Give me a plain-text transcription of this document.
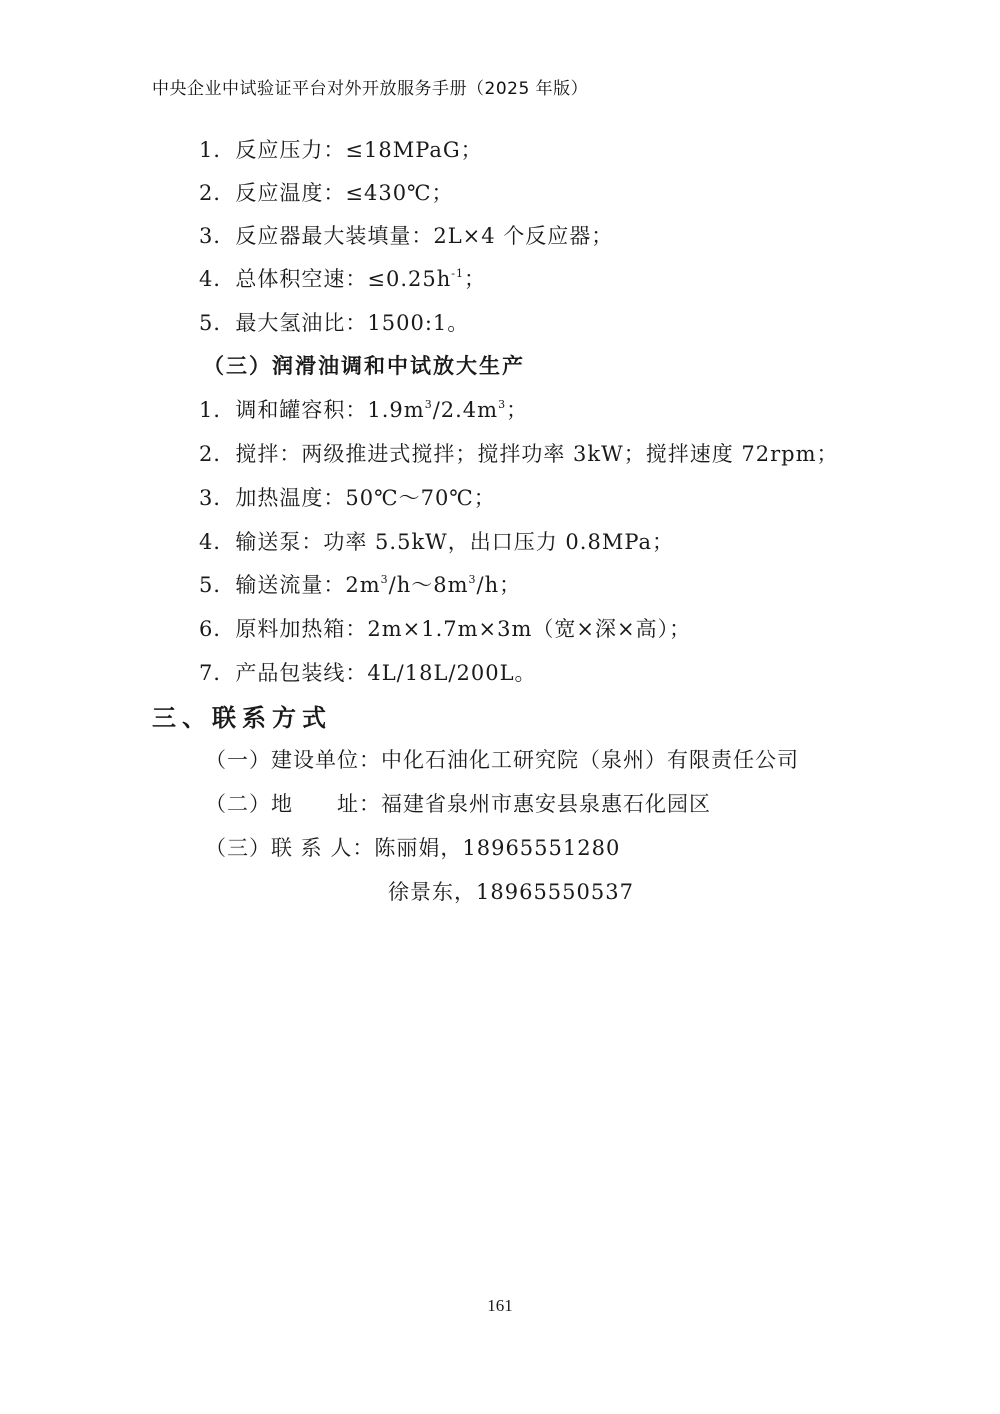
中央企业中试验证平台对外开放服务手册（2025 年版）
1．反应压力：≤18MPaG；
2．反应温度：≤430℃；
3．反应器最大装填量：2L×4 个反应器；
4．总体积空速：$\le 0.25h^{-1}$；
5．最大氢油比：1500:1。
（三）润滑油调和中试放大生产
1．调和罐容积：$1.9m^3/2.4m^3$；
2．搅拌：两级推进式搅拌；搅拌功率 3kW；搅拌速度 72rpm；
3．加热温度：50℃～70℃；
4．输送泵：功率 5.5kW，出口压力 0.8MPa；
5．输送流量：$2m^3/h\sim 8m^3/h$；
6．原料加热箱：2m×1.7m×3m（宽×深×高）；
7．产品包装线：4L/18L/200L。
三、联系方式
（一）建设单位：中化石油化工研究院（泉州）有限责任公司
（二）地　　址：福建省泉州市惠安县泉惠石化园区
（三）联 系 人：陈丽娟，18965551280
徐景东，18965550537
161
